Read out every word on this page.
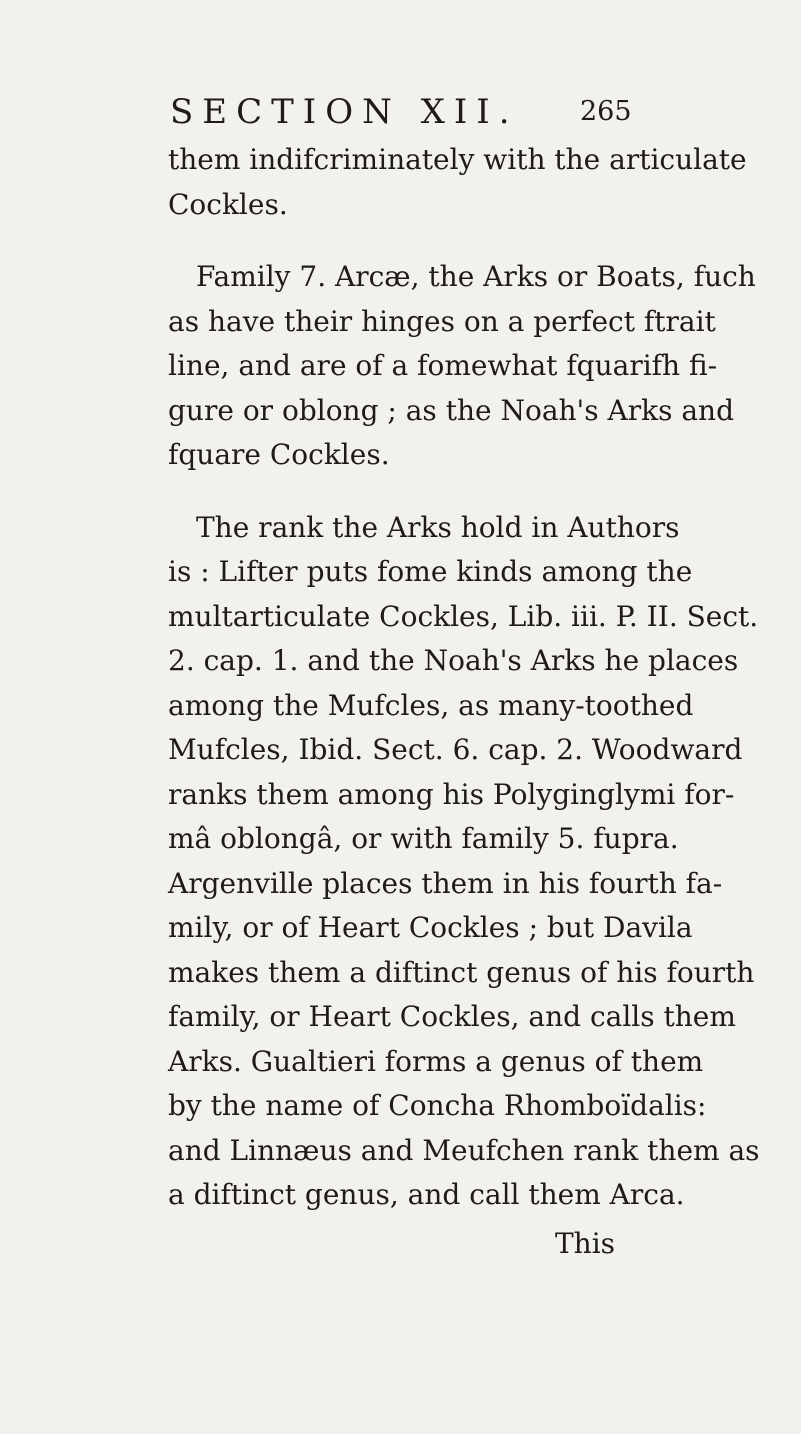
SECTION XII. 265
them indifcriminately with the articulate
Cockles.
Family 7. Arcæ, the Arks or Boats, fuch
as have their hinges on a perfect ftrait
line, and are of a fomewhat fquarifh fi-
gure or oblong ; as the Noah's Arks and
fquare Cockles.
The rank the Arks hold in Authors
is : Lifter puts fome kinds among the
multarticulate Cockles, Lib. iii. P. II. Sect.
2. cap. 1. and the Noah's Arks he places
among the Mufcles, as many-toothed
Mufcles, Ibid. Sect. 6. cap. 2. Woodward
ranks them among his Polyginglymi for-
mâ oblongâ, or with family 5. fupra.
Argenville places them in his fourth fa-
mily, or of Heart Cockles ; but Davila
makes them a diftinct genus of his fourth
family, or Heart Cockles, and calls them
Arks. Gualtieri forms a genus of them
by the name of Concha Rhomboïdalis:
and Linnæus and Meufchen rank them as
a diftinct genus, and call them Arca.
This
